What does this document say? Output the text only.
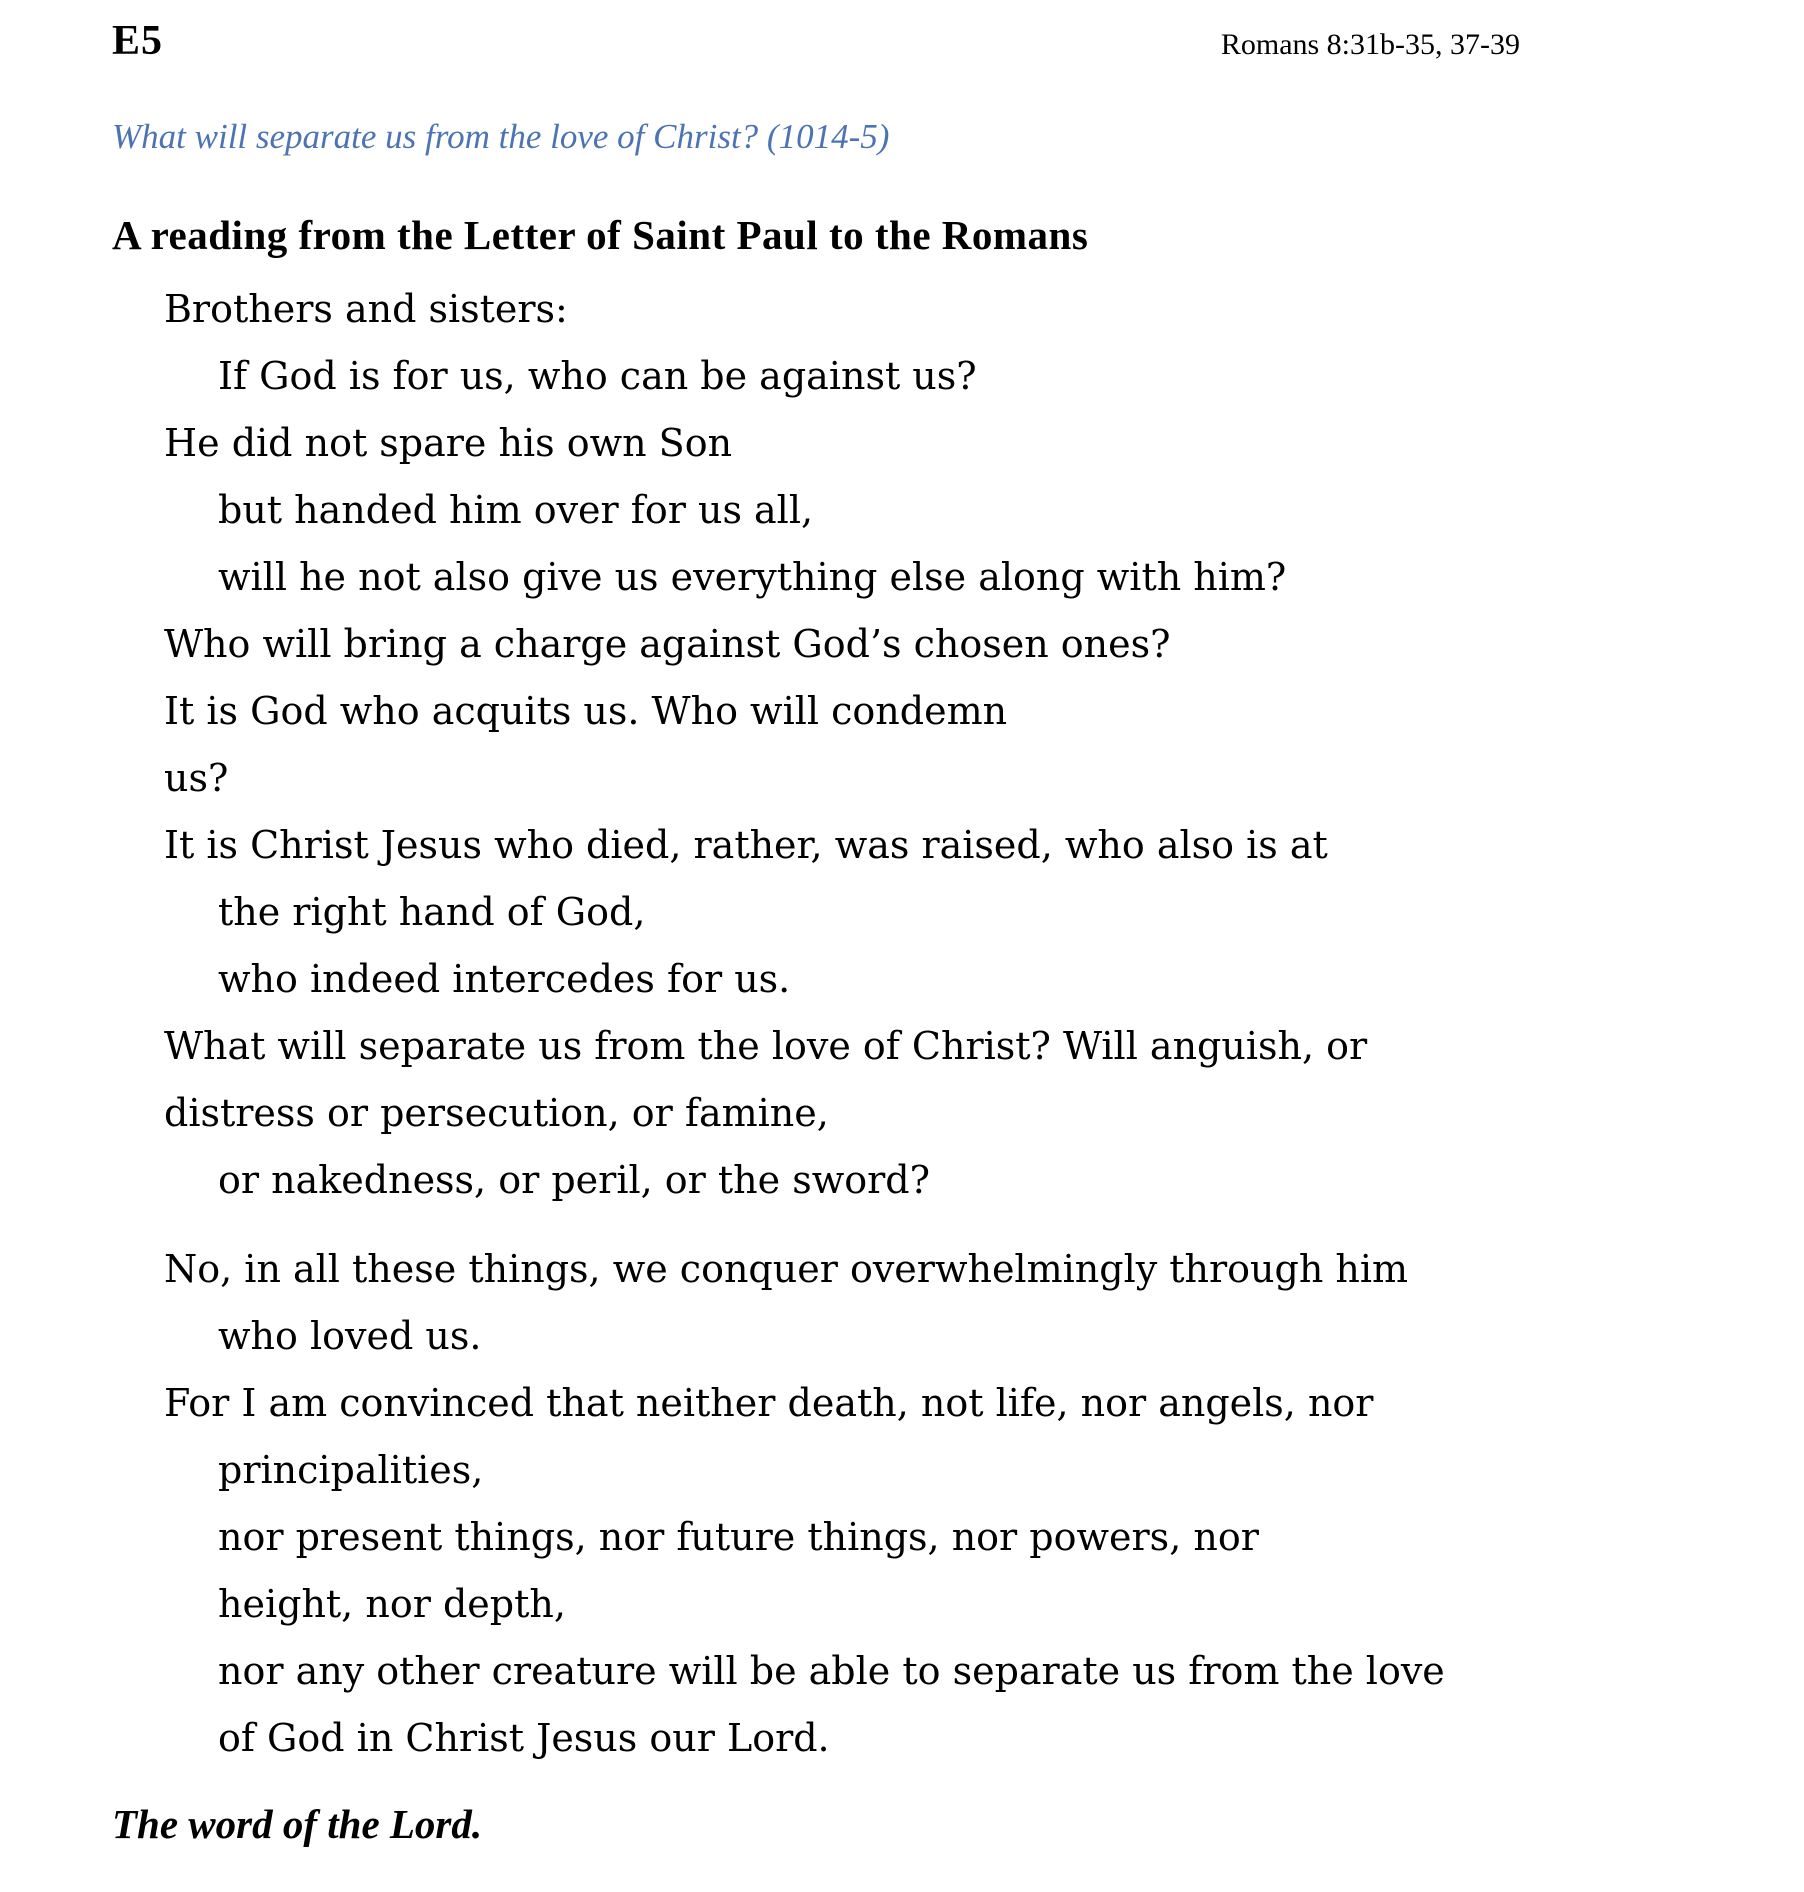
E5	Romans 8:31b-35, 37-39
What will separate us from the love of Christ? (1014-5)
A reading from the Letter of Saint Paul to the Romans
Brothers and sisters:
If God is for us, who can be against us?
He did not spare his own Son
but handed him over for us all,
will he not also give us everything else along with him?
Who will bring a charge against God’s chosen ones?
It is God who acquits us. Who will condemn
us?
It is Christ Jesus who died, rather, was raised, who also is at
the right hand of God,
who indeed intercedes for us.
What will separate us from the love of Christ? Will anguish, or
distress or persecution, or famine,
or nakedness, or peril, or the sword?
No, in all these things, we conquer overwhelmingly through him
who loved us.
For I am convinced that neither death, not life, nor angels, nor
principalities,
nor present things, nor future things, nor powers, nor
height, nor depth,
nor any other creature will be able to separate us from the love
of God in Christ Jesus our Lord.
The word of the Lord.
